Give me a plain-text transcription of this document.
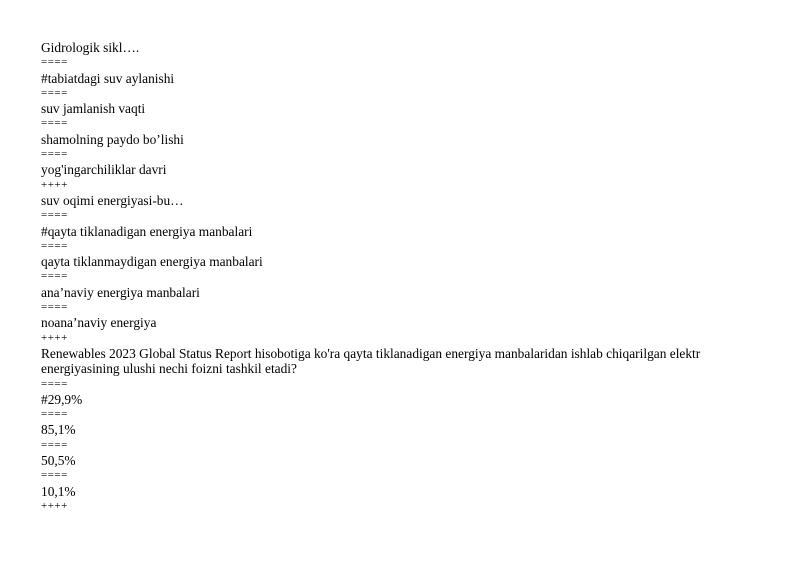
Gidrologik sikl….
====
#tabiatdagi suv aylanishi
====
suv jamlanish vaqti
====
shamolning paydo bo’lishi
====
yog'ingarchiliklar davri
++++
suv oqimi energiyasi-bu…
====
#qayta tiklanadigan energiya manbalari
====
qayta tiklanmaydigan energiya manbalari
====
ana’naviy energiya manbalari
====
noana’naviy energiya
++++
Renewables 2023 Global Status Report hisobotiga ko'ra qayta tiklanadigan energiya manbalaridan ishlab chiqarilgan elektr
energiyasining ulushi nechi foizni tashkil etadi?
====
#29,9%
====
85,1%
====
50,5%
====
10,1%
++++
